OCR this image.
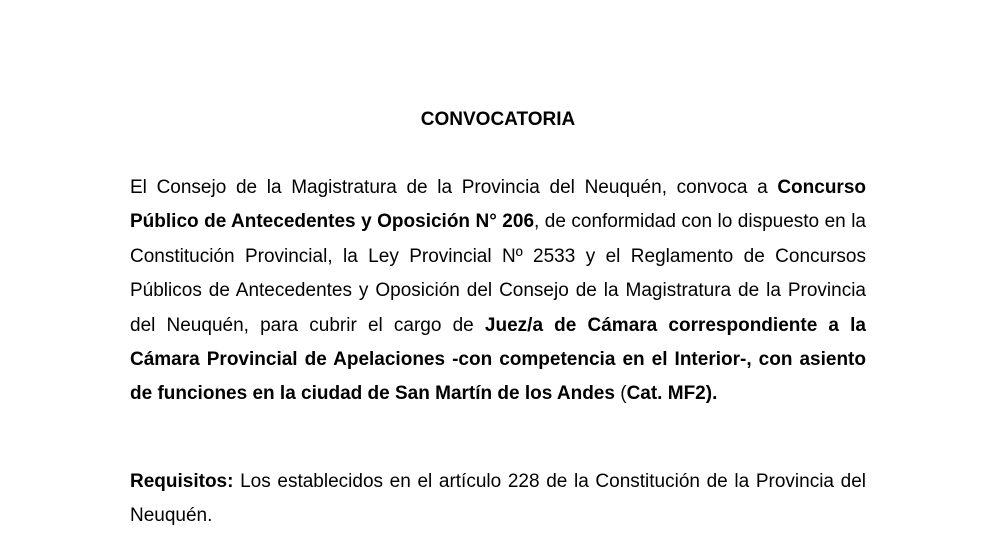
CONVOCATORIA

El Consejo de la Magistratura de la Provincia del Neuquén, convoca a Concurso Público de Antecedentes y Oposición N° 206, de conformidad con lo dispuesto en la Constitución Provincial, la Ley Provincial Nº 2533 y el Reglamento de Concursos Públicos de Antecedentes y Oposición del Consejo de la Magistratura de la Provincia del Neuquén, para cubrir el cargo de Juez/a de Cámara correspondiente a la Cámara Provincial de Apelaciones -con competencia en el Interior-, con asiento de funciones en la ciudad de San Martín de los Andes (Cat. MF2).

Requisitos: Los establecidos en el artículo 228 de la Constitución de la Provincia del Neuquén.
